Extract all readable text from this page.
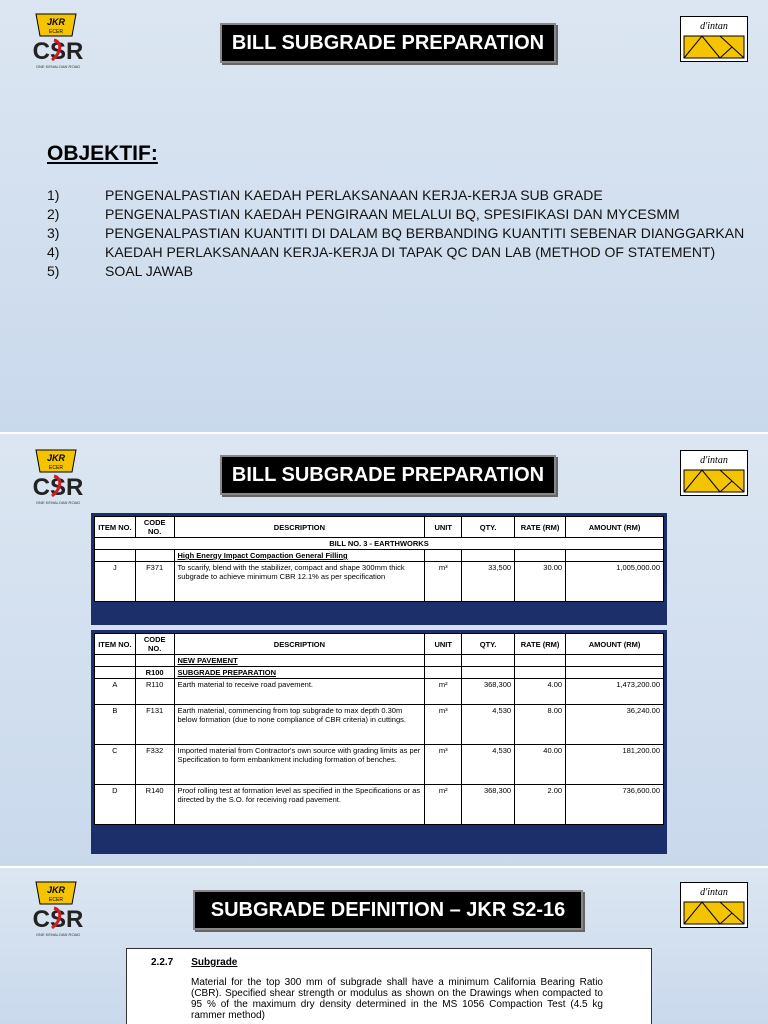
JKR
ECER
CSR
ONE KENALOAN ROAD
BILL SUBGRADE PREPARATION
d'intan
OBJEKTIF:
1)	PENGENALPASTIAN KAEDAH PERLAKSANAAN KERJA-KERJA SUB GRADE
2)	PENGENALPASTIAN KAEDAH PENGIRAAN MELALUI BQ, SPESIFIKASI DAN MYCESMM
3)	PENGENALPASTIAN KUANTITI DI DALAM BQ BERBANDING KUANTITI SEBENAR DIANGGARKAN
4)	KAEDAH PERLAKSANAAN KERJA-KERJA DI TAPAK QC DAN LAB (METHOD OF STATEMENT)
5)	SOAL JAWAB
JKR
ECER
CSR
ONE KENALOAN ROAD
BILL SUBGRADE PREPARATION
d'intan
BILL NO. 3 - EARTHWORKS						
ITEM NO.	CODE NO.	DESCRIPTION	UNIT	QTY.	RATE (RM)	AMOUNT (RM)
		High Energy Impact Compaction General Filling				
J	F371	To scarify, blend with the stabilizer, compact and shape 300mm thick subgrade to achieve minimum CBR 12.1% as per specification	m³	33,500	30.00	1,005,000.00
ITEM NO.	CODE NO.	DESCRIPTION	UNIT	QTY.	RATE (RM)	AMOUNT (RM)
		NEW PAVEMENT				
	R100	SUBGRADE PREPARATION				
A	R110	Earth material to receive road pavement.	m²	368,300	4.00	1,473,200.00
B	F131	Earth material, commencing from top subgrade to max depth 0.30m below formation (due to none compliance of CBR criteria) in cuttings.	m³	4,530	8.00	36,240.00
C	F332	Imported material from Contractor's own source with grading limits as per Specification to form embankment including formation of benches.	m³	4,530	40.00	181,200.00
D	R140	Proof rolling test at formation level as specified in the Specifications or as directed by the S.O. for receiving road pavement.	m²	368,300	2.00	736,600.00
JKR
ECER
CSR
ONE KENALOAN ROAD
SUBGRADE DEFINITION – JKR S2-16
d'intan
2.2.7 Subgrade
Material for the top 300 mm of subgrade shall have a minimum California Bearing Ratio (CBR). Specified shear strength or modulus as shown on the Drawings when compacted to 95 % of the maximum dry density determined in the MS 1056 Compaction Test (4.5 kg rammer method)
